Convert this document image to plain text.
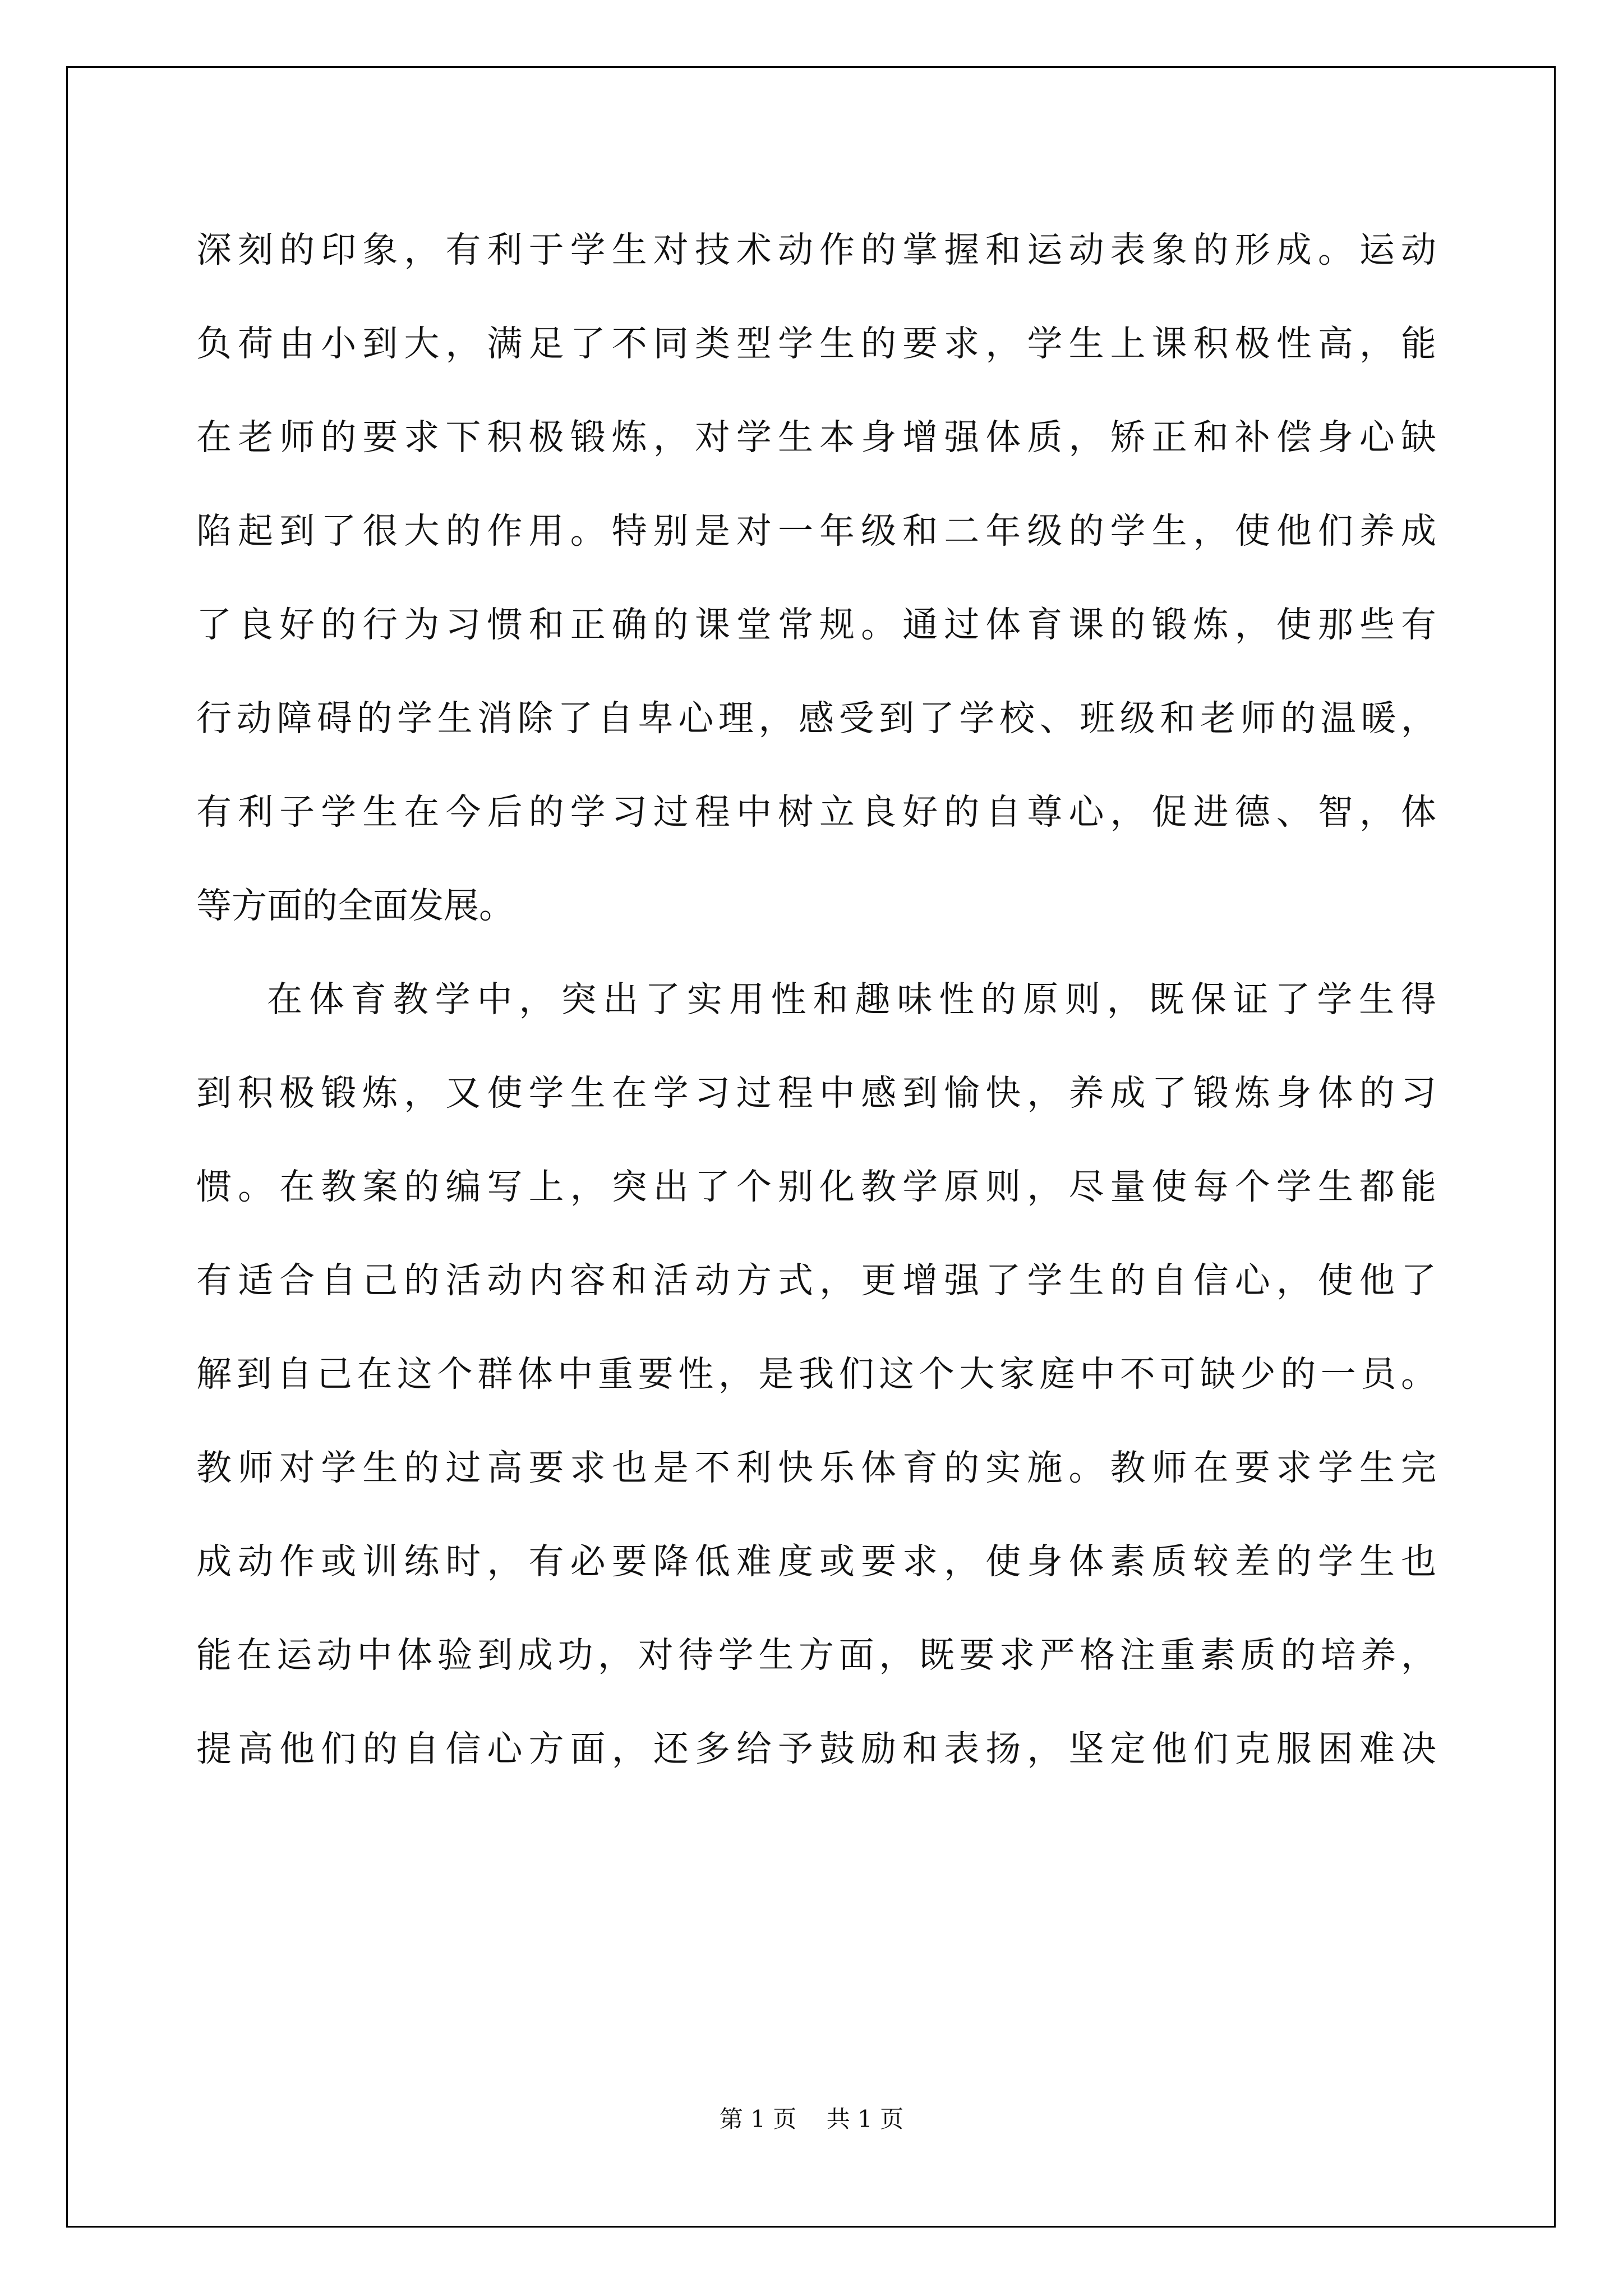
深刻的印象，有利于学生对技术动作的掌握和运动表象的形成。运动
负荷由小到大，满足了不同类型学生的要求，学生上课积极性高，能
在老师的要求下积极锻炼，对学生本身增强体质，矫正和补偿身心缺
陷起到了很大的作用。特别是对一年级和二年级的学生，使他们养成
了良好的行为习惯和正确的课堂常规。通过体育课的锻炼，使那些有
行动障碍的学生消除了自卑心理，感受到了学校、班级和老师的温暖，
有利子学生在今后的学习过程中树立良好的自尊心，促进德、智，体
等方面的全面发展。
在体育教学中，突出了实用性和趣味性的原则，既保证了学生得
到积极锻炼，又使学生在学习过程中感到愉快，养成了锻炼身体的习
惯。在教案的编写上，突出了个别化教学原则，尽量使每个学生都能
有适合自己的活动内容和活动方式，更增强了学生的自信心，使他了
解到自己在这个群体中重要性，是我们这个大家庭中不可缺少的一员。
教师对学生的过高要求也是不利快乐体育的实施。教师在要求学生完
成动作或训练时，有必要降低难度或要求，使身体素质较差的学生也
能在运动中体验到成功，对待学生方面，既要求严格注重素质的培养，
提高他们的自信心方面，还多给予鼓励和表扬，坚定他们克服困难决
第 1 页    共 1 页
